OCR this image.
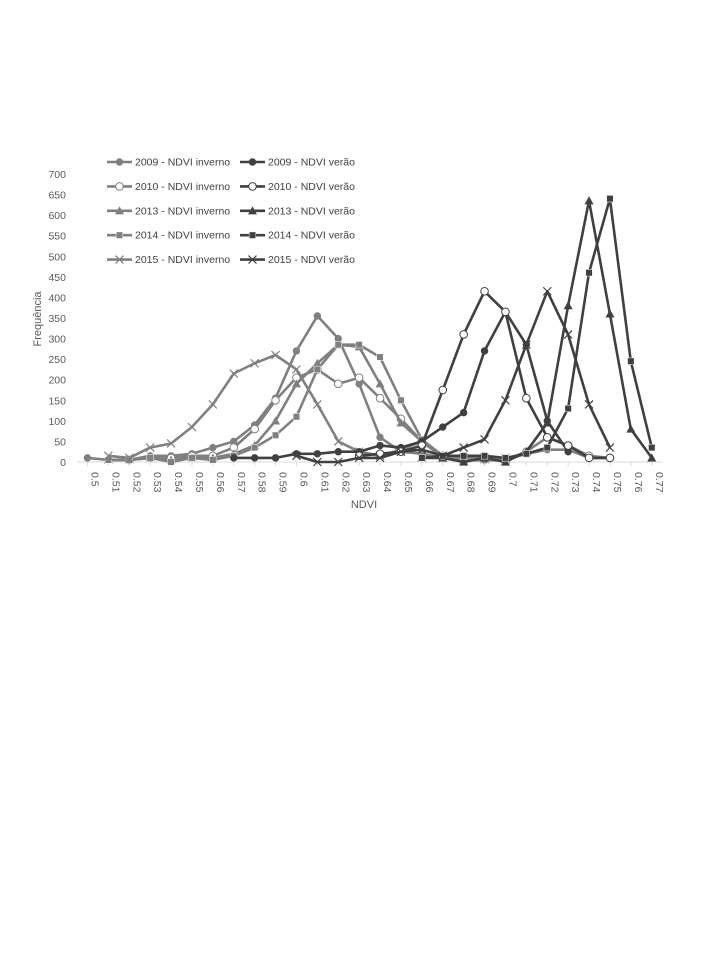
2009 - NDVI inverno
2010 - NDVI inverno
2013 - NDVI inverno
2014 - NDVI inverno
2015 - NDVI inverno
2009 - NDVI verão
2010 - NDVI verão
2013 - NDVI verão
2014 - NDVI verão
2015 - NDVI verão
0
50
100
150
200
250
300
350
400
450
500
550
600
650
700
0.5 0.51 0.52 0.53 0.54 0.55 0.56 0.57 0.58 0.59 0.6 0.61 0.62 0.63 0.64 0.65 0.66 0.67 0.68 0.69 0.7 0.71 0.72 0.73 0.74 0.75 0.76 0.77
Frequência
NDVI
